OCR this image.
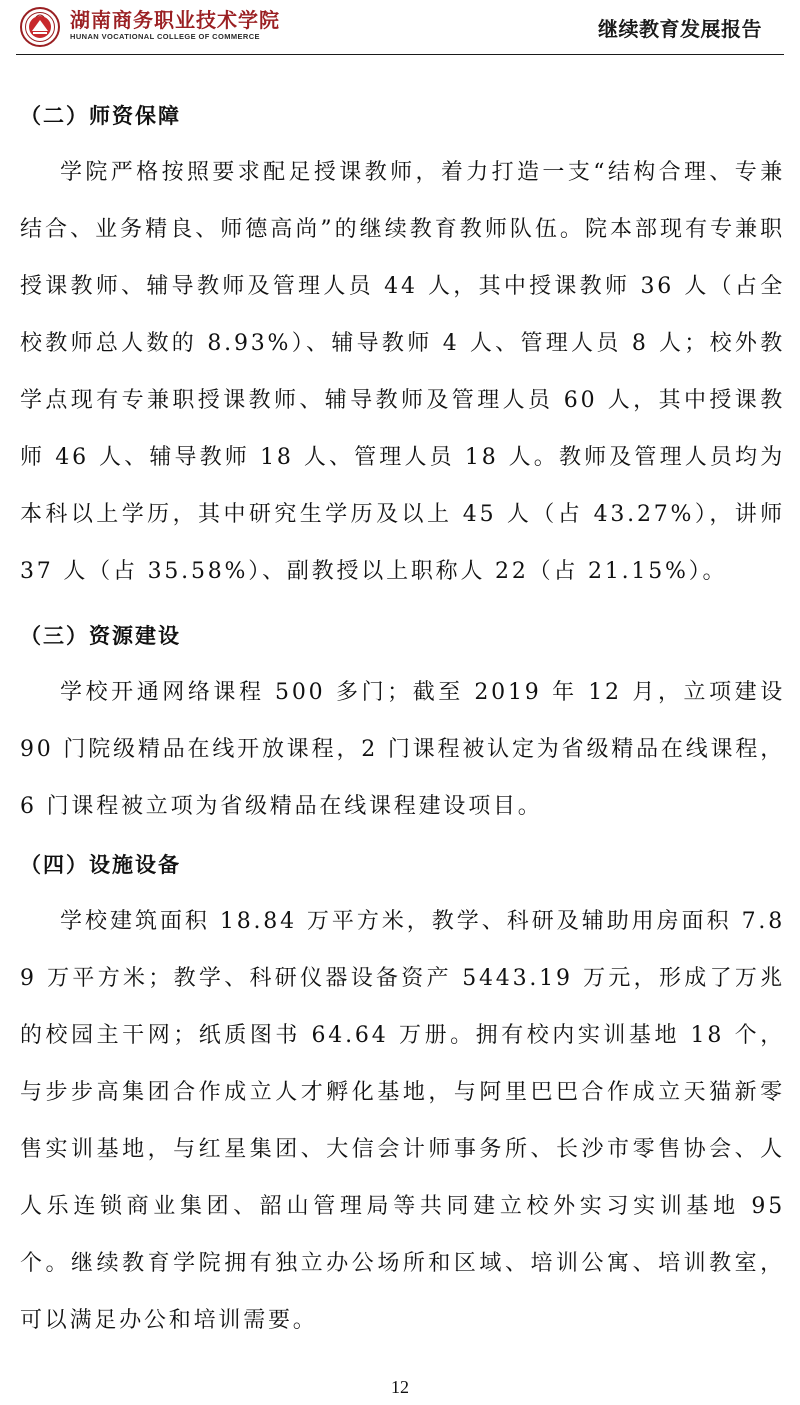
湖南商务职业技术学院
HUNAN VOCATIONAL COLLEGE OF COMMERCE	继续教育发展报告
（二）师资保障

学院严格按照要求配足授课教师，着力打造一支“结构合理、专兼结合、业务精良、师德高尚”的继续教育教师队伍。院本部现有专兼职授课教师、辅导教师及管理人员 44 人，其中授课教师 36 人（占全校教师总人数的 8.93%）、辅导教师 4 人、管理人员 8 人；校外教学点现有专兼职授课教师、辅导教师及管理人员 60 人，其中授课教师 46 人、辅导教师 18 人、管理人员 18 人。教师及管理人员均为本科以上学历，其中研究生学历及以上 45 人（占 43.27%），讲师 37 人（占 35.58%）、副教授以上职称人 22（占 21.15%）。

（三）资源建设

学校开通网络课程 500 多门；截至 2019 年 12 月，立项建设 90 门院级精品在线开放课程，2 门课程被认定为省级精品在线课程，6 门课程被立项为省级精品在线课程建设项目。

（四）设施设备

学校建筑面积 18.84 万平方米，教学、科研及辅助用房面积 7.89 万平方米；教学、科研仪器设备资产 5443.19 万元，形成了万兆的校园主干网；纸质图书 64.64 万册。拥有校内实训基地 18 个，与步步高集团合作成立人才孵化基地，与阿里巴巴合作成立天猫新零售实训基地，与红星集团、大信会计师事务所、长沙市零售协会、人人乐连锁商业集团、韶山管理局等共同建立校外实习实训基地 95 个。继续教育学院拥有独立办公场所和区域、培训公寓、培训教室，可以满足办公和培训需要。

12
